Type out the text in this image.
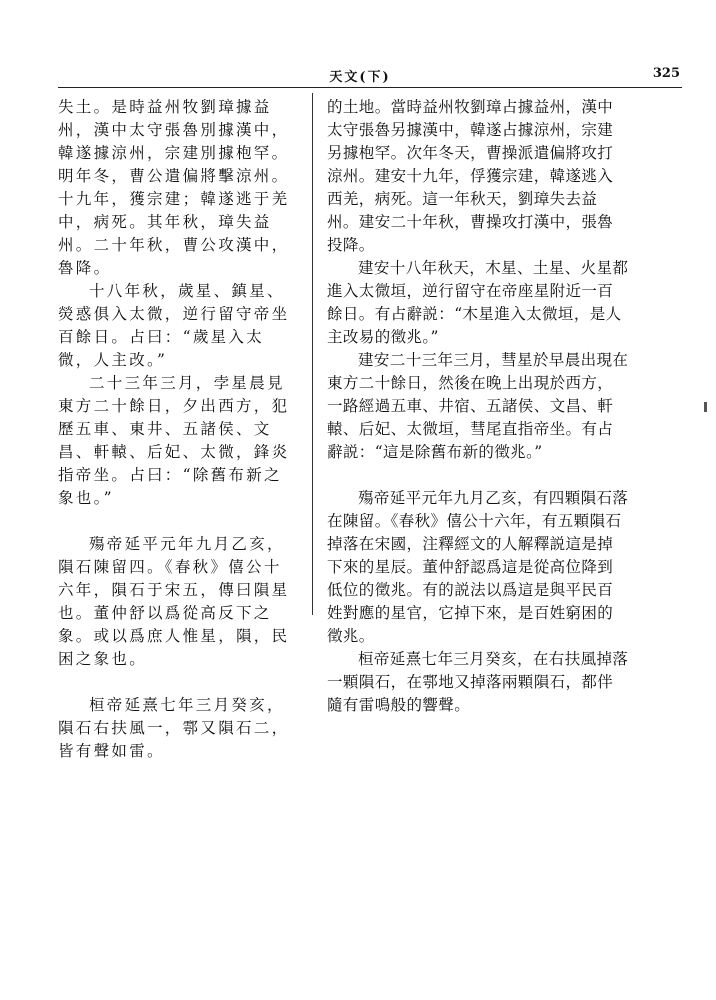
天文(下)	325

失土。是時益州牧劉璋據益州，漢中太守張魯別據漢中，韓遂據涼州，宗建別據枹罕。明年冬，曹公遣偏將擊涼州。十九年，獲宗建；韓遂逃于羌中，病死。其年秋，璋失益州。二十年秋，曹公攻漢中，魯降。

十八年秋，歲星、鎮星、熒惑俱入太微，逆行留守帝坐百餘日。占曰：“歲星入太微，人主改。”

二十三年三月，孛星晨見東方二十餘日，夕出西方，犯歷五車、東井、五諸侯、文昌、軒轅、后妃、太微，鋒炎指帝坐。占曰：“除舊布新之象也。”

殤帝延平元年九月乙亥，隕石陳留四。《春秋》僖公十六年，隕石于宋五，傳曰隕星也。董仲舒以爲從高反下之象。或以爲庶人惟星，隕，民困之象也。

桓帝延熹七年三月癸亥，隕石右扶風一，鄠又隕石二，皆有聲如雷。

的土地。當時益州牧劉璋占據益州，漢中太守張魯另據漢中，韓遂占據涼州，宗建另據枹罕。次年冬天，曹操派遣偏將攻打涼州。建安十九年，俘獲宗建，韓遂逃入西羌，病死。這一年秋天，劉璋失去益州。建安二十年秋，曹操攻打漢中，張魯投降。

建安十八年秋天，木星、土星、火星都進入太微垣，逆行留守在帝座星附近一百餘日。有占辭説：“木星進入太微垣，是人主改易的徵兆。”

建安二十三年三月，彗星於早晨出現在東方二十餘日，然後在晚上出現於西方，一路經過五車、井宿、五諸侯、文昌、軒轅、后妃、太微垣，彗尾直指帝坐。有占辭説：“這是除舊布新的徵兆。”

殤帝延平元年九月乙亥，有四顆隕石落在陳留。《春秋》僖公十六年，有五顆隕石掉落在宋國，注釋經文的人解釋説這是掉下來的星辰。董仲舒認爲這是從高位降到低位的徵兆。有的説法以爲這是與平民百姓對應的星官，它掉下來，是百姓窮困的徵兆。

桓帝延熹七年三月癸亥，在右扶風掉落一顆隕石，在鄠地又掉落兩顆隕石，都伴隨有雷鳴般的響聲。
